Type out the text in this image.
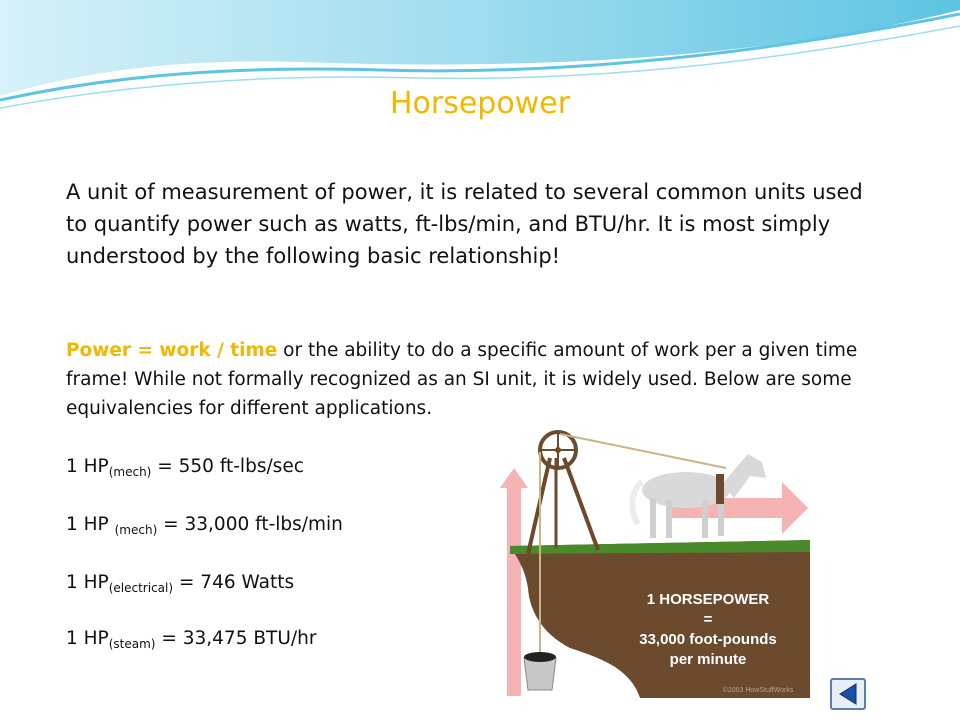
Horsepower

A unit of measurement of power, it is related to several common units used to quantify power such as watts, ft-lbs/min, and BTU/hr. It is most simply understood by the following basic relationship!

Power = work / time or the ability to do a specific amount of work per a given time frame! While not formally recognized as an SI unit, it is widely used. Below are some equivalencies for different applications.

1 $HP_{(mech)} = 550$ ft-lbs/sec

1 HP $_{(mech)}$ = 33,000 ft-lbs/min

1 $HP_{(electrical)} = 746$ Watts

1 $HP_{(steam)} = 33,475$ BTU/hr

1 HORSEPOWER
=
33,000 foot-pounds
per minute
©2003 HowStuffWorks
